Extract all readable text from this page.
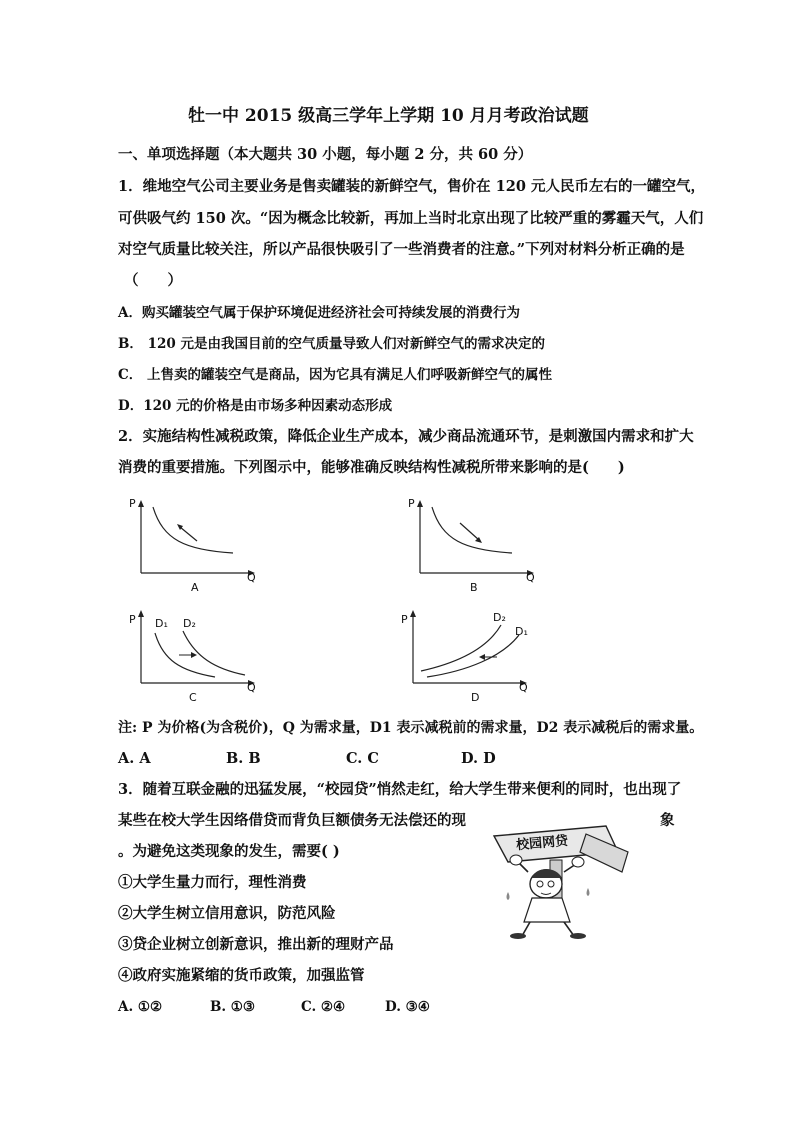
牡一中 2015 级高三学年上学期 10 月月考政治试题
一、单项选择题（本大题共 30 小题，每小题 2 分，共 60 分）
1．维地空气公司主要业务是售卖罐装的新鲜空气，售价在 120 元人民币左右的一罐空气，
可供吸气约 150 次。“因为概念比较新，再加上当时北京出现了比较严重的雾霾天气，人们
对空气质量比较关注，所以产品很快吸引了一些消费者的注意。”下列对材料分析正确的是
（　　）
A．购买罐装空气属于保护环境促进经济社会可持续发展的消费行为
B． 120 元是由我国目前的空气质量导致人们对新鲜空气的需求决定的
C． 上售卖的罐装空气是商品，因为它具有满足人们呼吸新鲜空气的属性
D．120 元的价格是由市场多种因素动态形成
2．实施结构性减税政策，降低企业生产成本，减少商品流通环节，是刺激国内需求和扩大
消费的重要措施。下列图示中，能够准确反映结构性减税所带来影响的是(　　)
P
Q
A
P
Q
B
P D₁ D₂
Q
C
P	D₂
D₁
Q
D
注: P 为价格(为含税价)，Q 为需求量，D1 表示减税前的需求量，D2 表示减税后的需求量。
A. A	B. B	C. C	D. D
3．随着互联金融的迅猛发展，“校园贷”悄然走红，给大学生带来便利的同时，也出现了
某些在校大学生因络借贷而背负巨额债务无法偿还的现	象
。为避免这类现象的发生，需要( )
①大学生量力而行，理性消费
②大学生树立信用意识，防范风险
③贷企业树立创新意识，推出新的理财产品
④政府实施紧缩的货币政策，加强监管
A. ①②	B. ①③	C. ②④	D. ③④
校园网贷
